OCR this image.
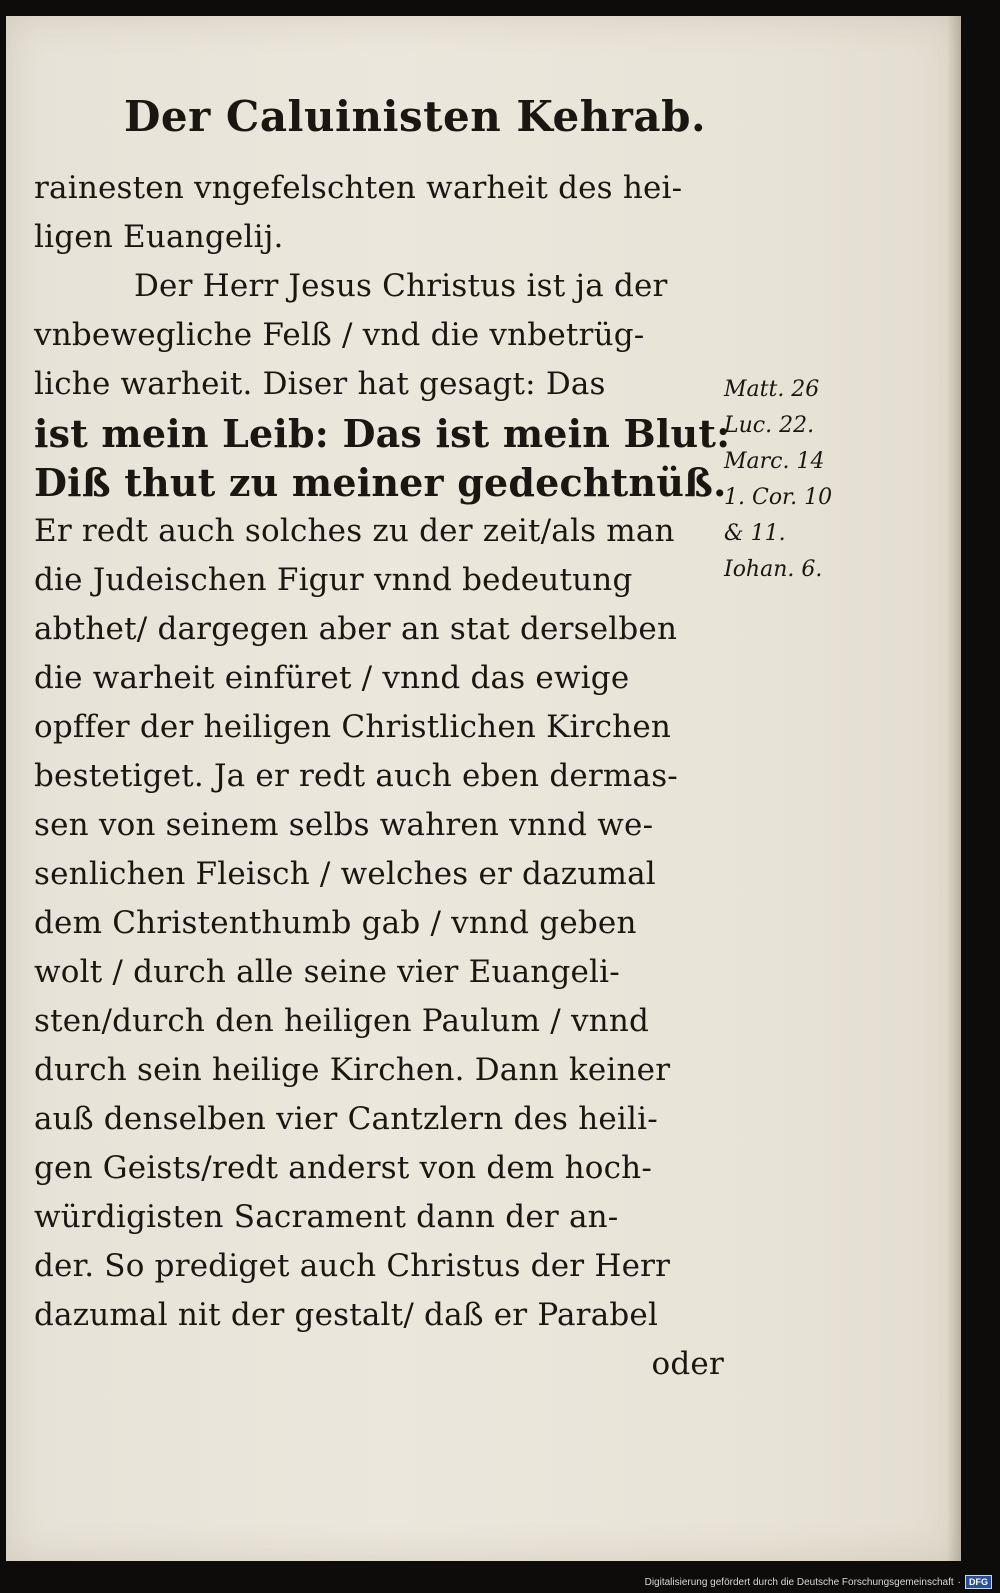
Der Caluinisten Kehrab.
rainesten vngefelschten warheit des hei-
ligen Euangelij.
Der Herr Jesus Christus ist ja der
vnbewegliche Felß / vnd die vnbetrüg-
liche warheit. Diser hat gesagt: Das
ist mein Leib: Das ist mein Blut:
Diß thut zu meiner gedechtnüß.
Er redt auch solches zu der zeit/als man
die Judeischen Figur vnnd bedeutung
abthet/ dargegen aber an stat derselben
die warheit einfüret / vnnd das ewige
opffer der heiligen Christlichen Kirchen
bestetiget. Ja er redt auch eben dermas-
sen von seinem selbs wahren vnnd we-
senlichen Fleisch / welches er dazumal
dem Christenthumb gab / vnnd geben
wolt / durch alle seine vier Euangeli-
sten/durch den heiligen Paulum / vnnd
durch sein heilige Kirchen. Dann keiner
auß denselben vier Cantzlern des heili-
gen Geists/redt anderst von dem hoch-
würdigisten Sacrament dann der an-
der. So prediget auch Christus der Herr
dazumal nit der gestalt/ daß er Parabel
oder
Matt. 26
Luc. 22.
Marc. 14
1. Cor. 10
& 11.
Iohan. 6.
Digitalisierung gefördert durch die Deutsche Forschungsgemeinschaft · DFG
